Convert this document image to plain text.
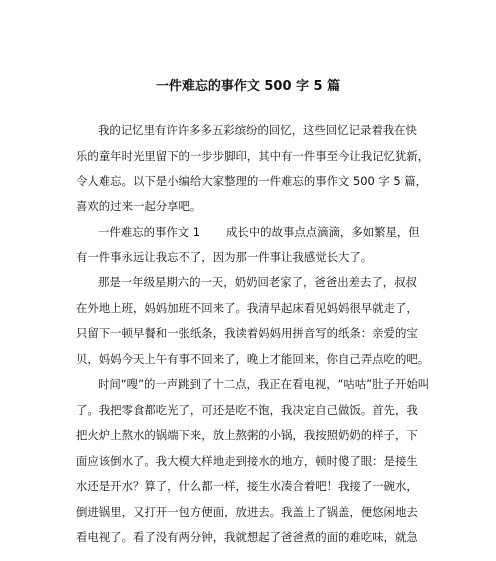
一件难忘的事作文 500 字 5 篇
我的记忆里有许许多多五彩缤纷的回忆，这些回忆记录着我在快
乐的童年时光里留下的一步步脚印，其中有一件事至今让我记忆犹新，
令人难忘。以下是小编给大家整理的一件难忘的事作文 500 字 5 篇，
喜欢的过来一起分享吧。
一件难忘的事作文 1 成长中的故事点点滴滴，多如繁星，但
有一件事永远让我忘不了，因为那一件事让我感觉长大了。
那是一年级星期六的一天，奶奶回老家了，爸爸出差去了，叔叔
在外地上班，妈妈加班不回来了。我清早起床看见妈妈很早就走了，
只留下一顿早餐和一张纸条，我读着妈妈用拼音写的纸条：亲爱的宝
贝，妈妈今天上午有事不回来了，晚上才能回来，你自己弄点吃的吧。
时间“嗖”的一声跳到了十二点，我正在看电视，“咕咕”肚子开始叫
了。我把零食都吃光了，可还是吃不饱，我决定自己做饭。首先，我
把火炉上熬水的锅端下来，放上熬粥的小锅，我按照奶奶的样子，下
面应该倒水了。我大模大样地走到接水的地方，顿时傻了眼：是接生
水还是开水？算了，什么都一样，接生水凑合着吧！我接了一碗水，
倒进锅里，又打开一包方便面，放进去。我盖上了锅盖，便悠闲地去
看电视了。看了没有两分钟，我就想起了爸爸煮的面的难吃味，就急
